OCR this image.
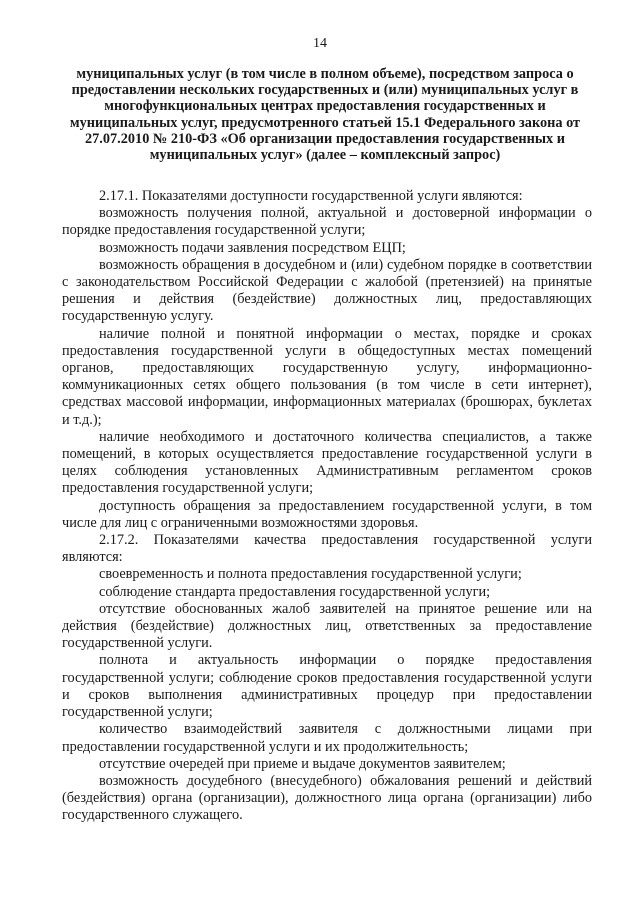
14

муниципальных услуг (в том числе в полном объеме), посредством запроса о предоставлении нескольких государственных и (или) муниципальных услуг в многофункциональных центрах предоставления государственных и муниципальных услуг, предусмотренного статьей 15.1 Федерального закона от 27.07.2010 № 210-ФЗ «Об организации предоставления государственных и муниципальных услуг» (далее – комплексный запрос)

2.17.1. Показателями доступности государственной услуги являются:

возможность получения полной, актуальной и достоверной информации о порядке предоставления государственной услуги;

возможность подачи заявления посредством ЕЦП;

возможность обращения в досудебном и (или) судебном порядке в соответствии с законодательством Российской Федерации с жалобой (претензией) на принятые решения и действия (бездействие) должностных лиц, предоставляющих государственную услугу.

наличие полной и понятной информации о местах, порядке и сроках предоставления государственной услуги в общедоступных местах помещений органов, предоставляющих государственную услугу, информационно-коммуникационных сетях общего пользования (в том числе в сети интернет), средствах массовой информации, информационных материалах (брошюрах, буклетах и т.д.);

наличие необходимого и достаточного количества специалистов, а также помещений, в которых осуществляется предоставление государственной услуги в целях соблюдения установленных Административным регламентом сроков предоставления государственной услуги;

доступность обращения за предоставлением государственной услуги, в том числе для лиц с ограниченными возможностями здоровья.

2.17.2. Показателями качества предоставления государственной услуги являются:

своевременность и полнота предоставления государственной услуги;

соблюдение стандарта предоставления государственной услуги;

отсутствие обоснованных жалоб заявителей на принятое решение или на действия (бездействие) должностных лиц, ответственных за предоставление государственной услуги.

полнота и актуальность информации о порядке предоставления государственной услуги; соблюдение сроков предоставления государственной услуги и сроков выполнения административных процедур при предоставлении государственной услуги;

количество взаимодействий заявителя с должностными лицами при предоставлении государственной услуги и их продолжительность;

отсутствие очередей при приеме и выдаче документов заявителем;

возможность досудебного (внесудебного) обжалования решений и действий (бездействия) органа (организации), должностного лица органа (организации) либо государственного служащего.
